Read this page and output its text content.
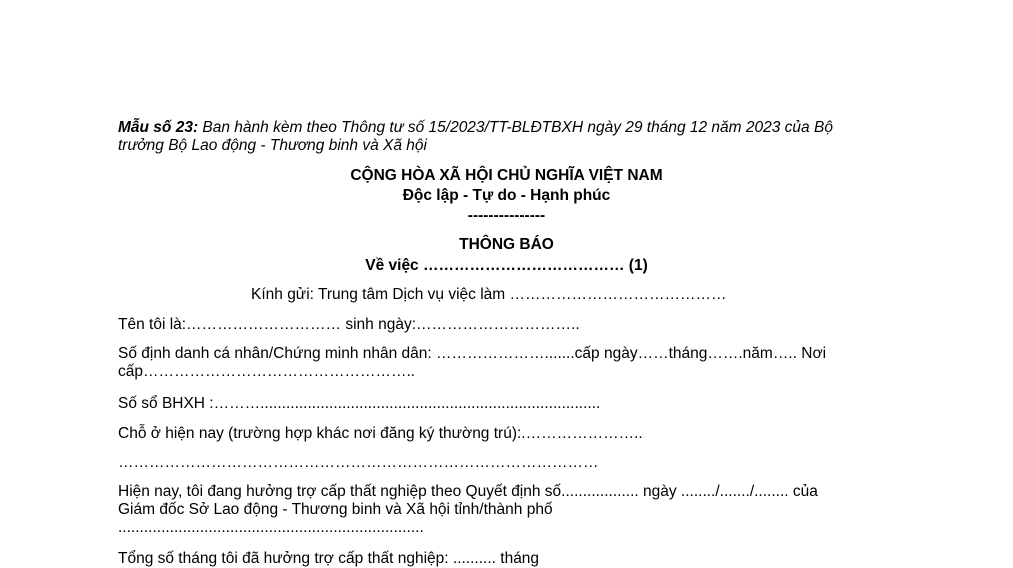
Mẫu số 23: Ban hành kèm theo Thông tư số 15/2023/TT-BLĐTBXH ngày 29 tháng 12 năm 2023 của Bộ
trưởng Bộ Lao động - Thương binh và Xã hội
CỘNG HÒA XÃ HỘI CHỦ NGHĨA VIỆT NAM
Độc lập - Tự do - Hạnh phúc
---------------
THÔNG BÁO
Về việc ………………………………… (1)
Kính gửi: Trung tâm Dịch vụ việc làm ……………………………………
Tên tôi là:………………………… sinh ngày:…………………………..
Số định danh cá nhân/Chứng minh nhân dân: ………………….......cấp ngày……tháng…….năm….. Nơi
cấp……………………………………………..
Số sổ BHXH :………...............................................................................
Chỗ ở hiện nay (trường hợp khác nơi đăng ký thường trú):.…………………..
…………………………………………………………………………………
Hiện nay, tôi đang hưởng trợ cấp thất nghiệp theo Quyết định số.................. ngày ......../......./........ của
Giám đốc Sở Lao động - Thương binh và Xã hội tỉnh/thành phố
.......................................................................
Tổng số tháng tôi đã hưởng trợ cấp thất nghiệp: .......... tháng
